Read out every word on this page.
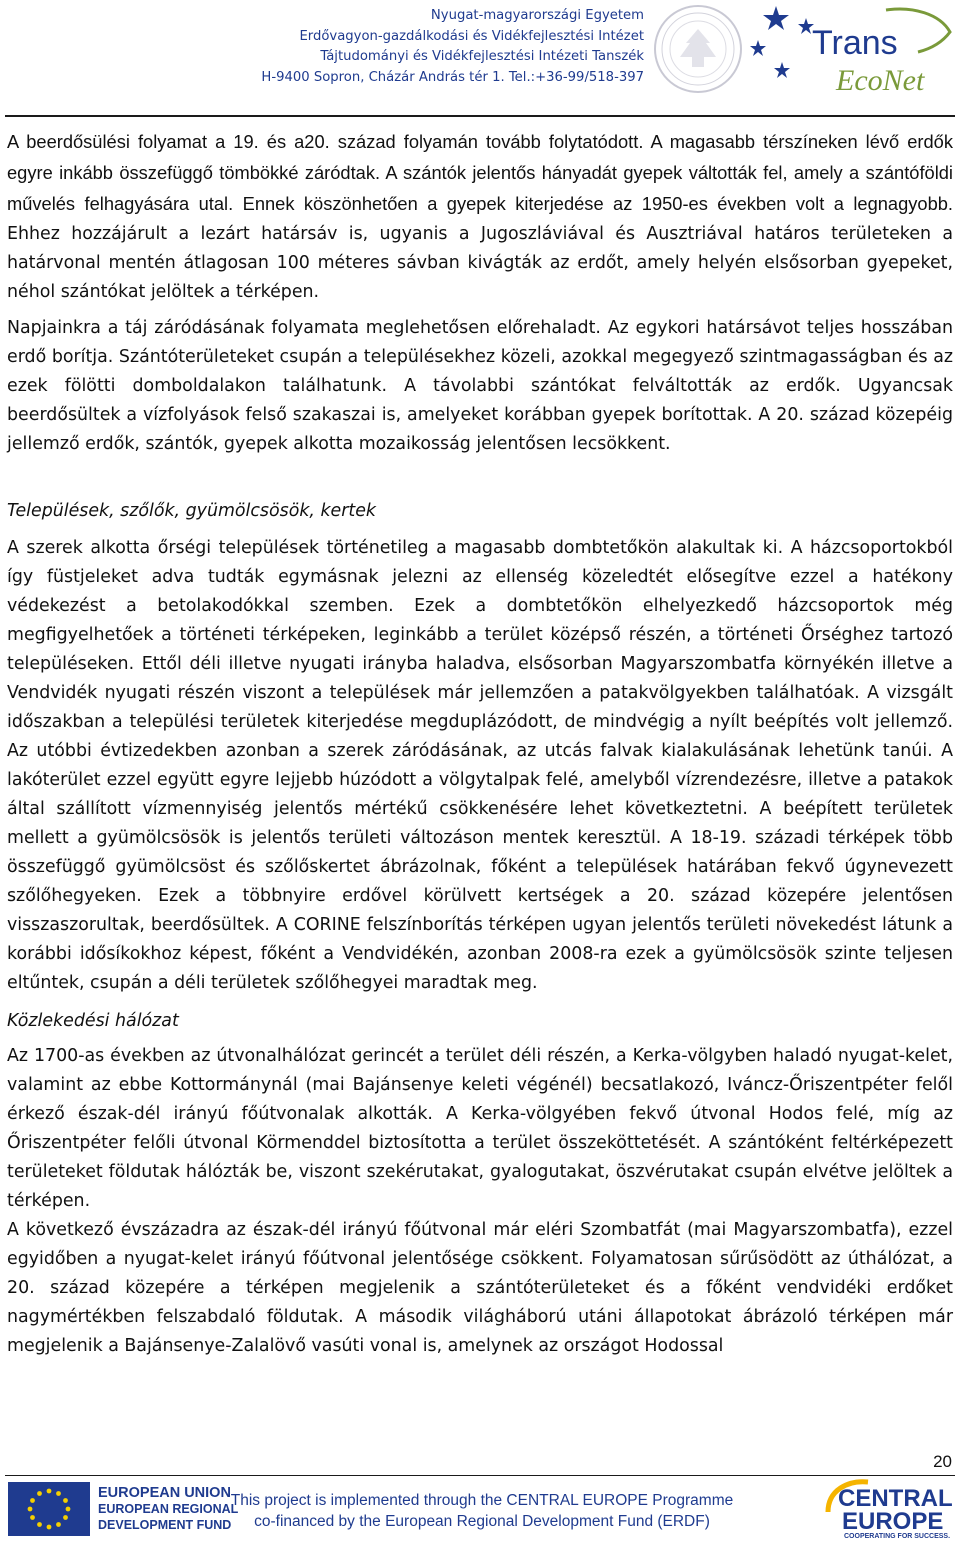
Nyugat-magyarországi Egyetem
Erdővagyon-gazdálkodási és Vidékfejlesztési Intézet
Tájtudományi és Vidékfejlesztési Intézeti Tanszék
H-9400 Sopron, Cházár András tér 1. Tel.:+36-99/518-397
Trans
EcoNet

A beerdősülési folyamat a 19. és a20. század folyamán tovább folytatódott. A magasabb térszíneken lévő erdők egyre inkább összefüggő tömbökké záródtak. A szántók jelentős hányadát gyepek váltották fel, amely a szántóföldi művelés felhagyására utal. Ennek köszönhetően a gyepek kiterjedése az 1950-es években volt a legnagyobb. Ehhez hozzájárult a lezárt határsáv is, ugyanis a Jugoszláviával és Ausztriával határos területeken a határvonal mentén átlagosan 100 méteres sávban kivágták az erdőt, amely helyén elsősorban gyepeket, néhol szántókat jelöltek a térképen.

Napjainkra a táj záródásának folyamata meglehetősen előrehaladt. Az egykori határsávot teljes hosszában erdő borítja. Szántóterületeket csupán a településekhez közeli, azokkal megegyező szintmagasságban és az ezek fölötti domboldalakon találhatunk. A távolabbi szántókat felváltották az erdők. Ugyancsak beerdősültek a vízfolyások felső szakaszai is, amelyeket korábban gyepek borítottak. A 20. század közepéig jellemző erdők, szántók, gyepek alkotta mozaikosság jelentősen lecsökkent.

Települések, szőlők, gyümölcsösök, kertek

A szerek alkotta őrségi települések történetileg a magasabb dombtetőkön alakultak ki. A házcsoportokból így füstjeleket adva tudták egymásnak jelezni az ellenség közeledtét elősegítve ezzel a hatékony védekezést a betolakodókkal szemben. Ezek a dombtetőkön elhelyezkedő házcsoportok még megfigyelhetőek a történeti térképeken, leginkább a terület középső részén, a történeti Őrséghez tartozó településeken. Ettől déli illetve nyugati irányba haladva, elsősorban Magyarszombatfa környékén illetve a Vendvidék nyugati részén viszont a települések már jellemzően a patakvölgyekben találhatóak. A vizsgált időszakban a települési területek kiterjedése megduplázódott, de mindvégig a nyílt beépítés volt jellemző. Az utóbbi évtizedekben azonban a szerek záródásának, az utcás falvak kialakulásának lehetünk tanúi. A lakóterület ezzel együtt egyre lejjebb húzódott a völgytalpak felé, amelyből vízrendezésre, illetve a patakok által szállított vízmennyiség jelentős mértékű csökkenésére lehet következtetni. A beépített területek mellett a gyümölcsösök is jelentős területi változáson mentek keresztül. A 18-19. századi térképek több összefüggő gyümölcsöst és szőlőskertet ábrázolnak, főként a települések határában fekvő úgynevezett szőlőhegyeken. Ezek a többnyire erdővel körülvett kertségek a 20. század közepére jelentősen visszaszorultak, beerdősültek. A CORINE felszínborítás térképen ugyan jelentős területi növekedést látunk a korábbi idősíkokhoz képest, főként a Vendvidékén, azonban 2008-ra ezek a gyümölcsösök szinte teljesen eltűntek, csupán a déli területek szőlőhegyei maradtak meg.

Közlekedési hálózat

Az 1700-as években az útvonalhálózat gerincét a terület déli részén, a Kerka-völgyben haladó nyugat-kelet, valamint az ebbe Kottormánynál (mai Bajánsenye keleti végénél) becsatlakozó, Iváncz-Őriszentpéter felől érkező észak-dél irányú főútvonalak alkották. A Kerka-völgyében fekvő útvonal Hodos felé, míg az Őriszentpéter felőli útvonal Körmenddel biztosította a terület összeköttetését. A szántóként feltérképezett területeket földutak hálózták be, viszont szekérutakat, gyalogutakat, öszvérutakat csupán elvétve jelöltek a térképen.

A következő évszázadra az észak-dél irányú főútvonal már eléri Szombatfát (mai Magyarszombatfa), ezzel egyidőben a nyugat-kelet irányú főútvonal jelentősége csökkent. Folyamatosan sűrűsödött az úthálózat, a 20. század közepére a térképen megjelenik a szántóterületeket és a főként vendvidéki erdőket nagymértékben felszabdaló földutak. A második világháború utáni állapotokat ábrázoló térképen már megjelenik a Bajánsenye-Zalalövő vasúti vonal is, amelynek az országot Hodossal

20
EUROPEAN UNION
EUROPEAN REGIONAL
DEVELOPMENT FUND
This project is implemented through the CENTRAL EUROPE Programme
co-financed by the European Regional Development Fund (ERDF)
CENTRAL
EUROPE
COOPERATING FOR SUCCESS.
